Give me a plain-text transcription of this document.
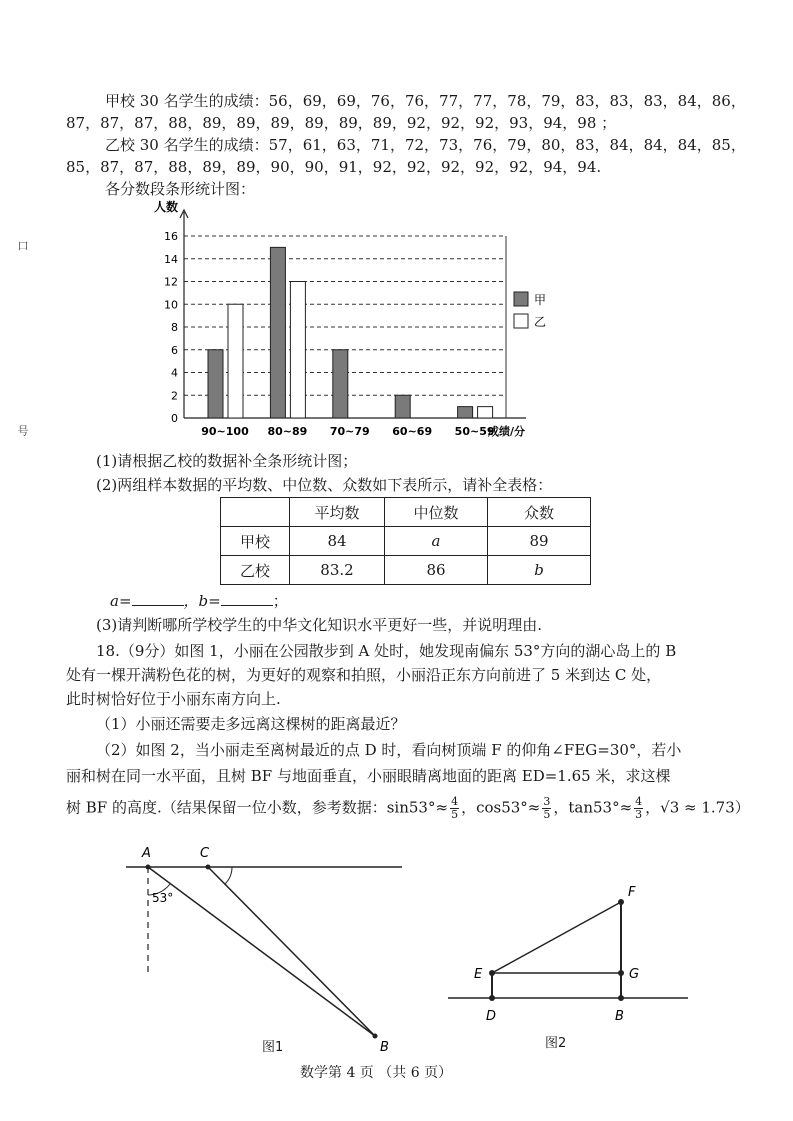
口
号
甲校 30 名学生的成绩：56，69，69，76，76，77，77，78，79，83，83，83，84，86，
87，87，87，88，89，89，89，89，89，89，92，92，92，93，94，98 ；
乙校 30 名学生的成绩：57，61，63，71，72，73，76，79，80，83，84，84，84，85，
85，87，87，88，89，89，90，90，91，92，92，92，92，92，94，94.
各分数段条形统计图：
0
2
4
6
8
10
12
14
16
人数
成绩/分
90~100 80~89 70~79 60~69 50~59
甲
乙
(1)请根据乙校的数据补全条形统计图；
(2)两组样本数据的平均数、中位数、众数如下表所示，请补全表格：
	平均数	中位数	众数
甲校	84	a	89
乙校	83.2	86	b
a=	，b=	；
(3)请判断哪所学校学生的中华文化知识水平更好一些，并说明理由.
18.（9分）如图 1，小丽在公园散步到 A 处时，她发现南偏东 53°方向的湖心岛上的 B
处有一棵开满粉色花的树，为更好的观察和拍照，小丽沿正东方向前进了 5 米到达 C 处，
此时树恰好位于小丽东南方向上.
（1）小丽还需要走多远离这棵树的距离最近？
（2）如图 2，当小丽走至离树最近的点 D 时，看向树顶端 F 的仰角∠FEG=30°，若小
丽和树在同一水平面，且树 BF 与地面垂直，小丽眼睛离地面的距离 ED=1.65 米，求这棵
树 BF 的高度.（结果保留一位小数，参考数据：$\sin 53^\circ\approx \frac{4}{5}$ ，$\cos 53^\circ\approx \frac{3}{5}$ ，$\tan 53^\circ\approx \frac{4}{3}$ ，√3 ≈ 1.73）
A	C
B
53°	F
E	G
D	B
图1	图2
数学第 4 页 （共 6 页）
